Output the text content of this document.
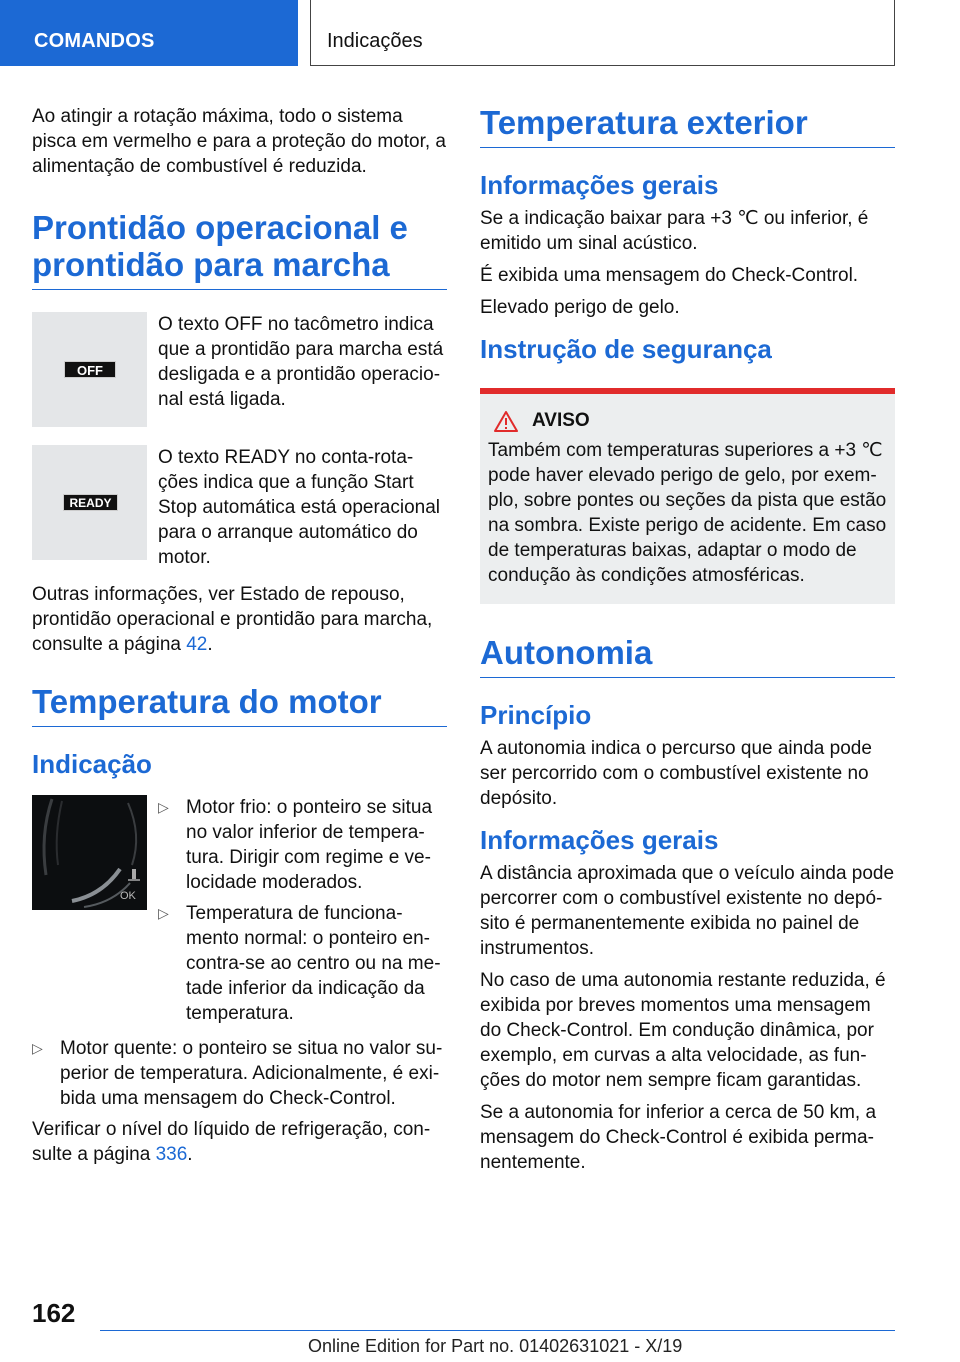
COMANDOS	Indicações

Ao atingir a rotação máxima, todo o sistema pisca em vermelho e para a proteção do motor, a alimentação de combustível é reduzida.

Prontidão operacional e prontidão para marcha
OFF

O texto OFF no tacômetro indica que a prontidão para marcha está desligada e a prontidão operacional está ligada.

READY

O texto READY no conta-rotações indica que a função Start Stop automática está operacional para o arranque automático do motor.

Outras informações, ver Estado de repouso, prontidão operacional e prontidão para marcha, consulte a página 42.

Temperatura do motor
Indicação
OK
▷ Motor frio: o ponteiro se situa no valor inferior de temperatura. Dirigir com regime e velocidade moderados.
▷ Temperatura de funcionamento normal: o ponteiro encontra-se ao centro ou na metade inferior da indicação da temperatura.
▷ Motor quente: o ponteiro se situa no valor superior de temperatura. Adicionalmente, é exibida uma mensagem do Check-Control.

Verificar o nível do líquido de refrigeração, consulte a página 336.

Temperatura exterior
Informações gerais

Se a indicação baixar para +3 ℃ ou inferior, é emitido um sinal acústico.

É exibida uma mensagem do Check-Control.

Elevado perigo de gelo.

Instrução de segurança
AVISO

Também com temperaturas superiores a +3 ℃ pode haver elevado perigo de gelo, por exemplo, sobre pontes ou seções da pista que estão na sombra. Existe perigo de acidente. Em caso de temperaturas baixas, adaptar o modo de condução às condições atmosféricas.

Autonomia
Princípio

A autonomia indica o percurso que ainda pode ser percorrido com o combustível existente no depósito.

Informações gerais

A distância aproximada que o veículo ainda pode percorrer com o combustível existente no depósito é permanentemente exibida no painel de instrumentos.

No caso de uma autonomia restante reduzida, é exibida por breves momentos uma mensagem do Check-Control. Em condução dinâmica, por exemplo, em curvas a alta velocidade, as funções do motor nem sempre ficam garantidas.

Se a autonomia for inferior a cerca de 50 km, a mensagem do Check-Control é exibida permanentemente.

162
Online Edition for Part no. 01402631021 - X/19
